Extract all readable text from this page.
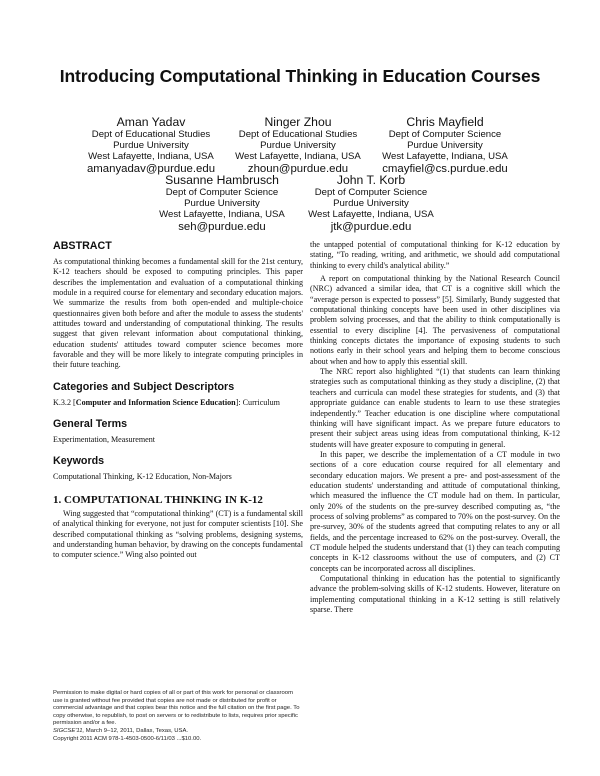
Introducing Computational Thinking in Education Courses
Aman Yadav
Dept of Educational Studies
Purdue University
West Lafayette, Indiana, USA
amanyadav@purdue.edu
Ninger Zhou
Dept of Educational Studies
Purdue University
West Lafayette, Indiana, USA
zhoun@purdue.edu
Chris Mayfield
Dept of Computer Science
Purdue University
West Lafayette, Indiana, USA
cmayfiel@cs.purdue.edu
Susanne Hambrusch
Dept of Computer Science
Purdue University
West Lafayette, Indiana, USA
seh@purdue.edu
John T. Korb
Dept of Computer Science
Purdue University
West Lafayette, Indiana, USA
jtk@purdue.edu
ABSTRACT

As computational thinking becomes a fundamental skill for the 21st century, K-12 teachers should be exposed to computing principles. This paper describes the implementation and evaluation of a computational thinking module in a required course for elementary and secondary education majors. We summarize the results from both open-ended and multiple-choice questionnaires given both before and after the module to assess the students' attitudes toward and understanding of computational thinking. The results suggest that given relevant information about computational thinking, education students' attitudes toward computer science becomes more favorable and they will be more likely to integrate computing principles in their future teaching.

Categories and Subject Descriptors

K.3.2 [Computer and Information Science Education]: Curriculum

General Terms

Experimentation, Measurement

Keywords

Computational Thinking, K-12 Education, Non-Majors

1. COMPUTATIONAL THINKING IN K-12

Wing suggested that “computational thinking” (CT) is a fundamental skill of analytical thinking for everyone, not just for computer scientists [10]. She described computational thinking as “solving problems, designing systems, and understanding human behavior, by drawing on the concepts fundamental to computer science.” Wing also pointed out

Permission to make digital or hard copies of all or part of this work for personal or classroom use is granted without fee provided that copies are not made or distributed for profit or commercial advantage and that copies bear this notice and the full citation on the first page. To copy otherwise, to republish, to post on servers or to redistribute to lists, requires prior specific permission and/or a fee.
SIGCSE'11, March 9–12, 2011, Dallas, Texas, USA.
Copyright 2011 ACM 978-1-4503-0500-6/11/03 ...$10.00.

the untapped potential of computational thinking for K-12 education by stating, “To reading, writing, and arithmetic, we should add computational thinking to every child's analytical ability.”

A report on computational thinking by the National Research Council (NRC) advanced a similar idea, that CT is a cognitive skill which the “average person is expected to possess” [5]. Similarly, Bundy suggested that computational thinking concepts have been used in other disciplines via problem solving processes, and that the ability to think computationally is essential to every discipline [4]. The pervasiveness of computational thinking concepts dictates the importance of exposing students to such notions early in their school years and helping them to become conscious about when and how to apply this essential skill.

The NRC report also highlighted “(1) that students can learn thinking strategies such as computational thinking as they study a discipline, (2) that teachers and curricula can model these strategies for students, and (3) that appropriate guidance can enable students to learn to use these strategies independently.” Teacher education is one discipline where computational thinking will have significant impact. As we prepare future educators to present their subject areas using ideas from computational thinking, K-12 students will have greater exposure to computing in general.

In this paper, we describe the implementation of a CT module in two sections of a core education course required for all elementary and secondary education majors. We present a pre- and post-assessment of the education students' understanding and attitude of computational thinking, which measured the influence the CT module had on them. In particular, only 20% of the students on the pre-survey described computing as, “the process of solving problems” as compared to 70% on the post-survey. On the pre-survey, 30% of the students agreed that computing relates to any or all fields, and the percentage increased to 62% on the post-survey. Overall, the CT module helped the students understand that (1) they can teach computing concepts in K-12 classrooms without the use of computers, and (2) CT concepts can be incorporated across all disciplines.

Computational thinking in education has the potential to significantly advance the problem-solving skills of K-12 students. However, literature on implementing computational thinking in a K-12 setting is still relatively sparse. There
